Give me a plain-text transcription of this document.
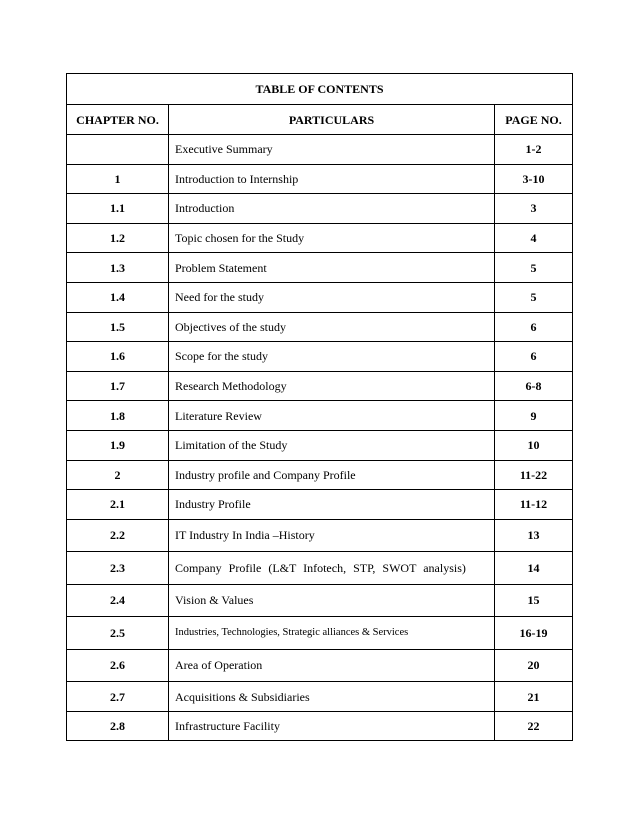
TABLE OF CONTENTS		
CHAPTER NO.	PARTICULARS	PAGE NO.
	Executive Summary	1-2
1	Introduction to Internship	3-10
1.1	Introduction	3
1.2	Topic chosen for the Study	4
1.3	Problem Statement	5
1.4	Need for the study	5
1.5	Objectives of the study	6
1.6	Scope for the study	6
1.7	Research Methodology	6-8
1.8	Literature Review	9
1.9	Limitation of the Study	10
2	Industry profile and Company Profile	11-22
2.1	Industry Profile	11-12
2.2	IT Industry In India –History	13
2.3	Company Profile (L&T Infotech, STP, SWOT analysis)	14
2.4	Vision & Values	15
2.5	Industries, Technologies, Strategic alliances & Services	16-19
2.6	Area of Operation	20
2.7	Acquisitions & Subsidiaries	21
2.8	Infrastructure Facility	22
